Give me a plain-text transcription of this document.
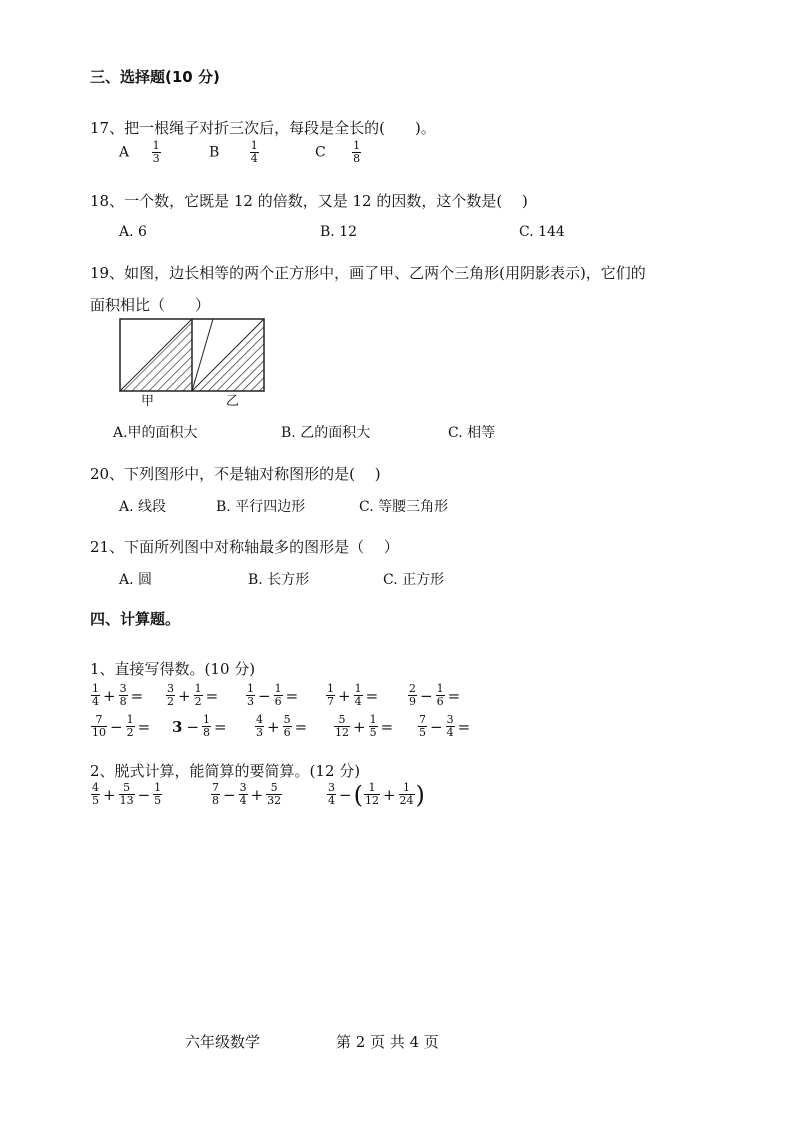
三、选择题(10 分)
17、把一根绳子对折三次后，每段是全长的(　　)。
A $\frac{1}{3}$	B	$\frac{1}{4}$	C $\frac{1}{8}$
18、一个数，它既是 12 的倍数，又是 12 的因数，这个数是(　 )
A. 6	B. 12	C. 144
19、如图，边长相等的两个正方形中，画了甲、乙两个三角形(用阴影表示)，它们的
面积相比（　　）
甲	乙
A.甲的面积大	B. 乙的面积大	C. 相等
20、下列图形中，不是轴对称图形的是(　 )
A. 线段	B. 平行四边形	C. 等腰三角形
21、下面所列图中对称轴最多的图形是（　 ）
A. 圆	B. 长方形	C. 正方形
四、计算题。
1、直接写得数。(10 分)
$\frac{1}{4} + \frac{3}{8} = \frac{3}{2} + \frac{1}{2}$ =	$\frac{1}{3} - \frac{1}{6}$ =	$\frac{1}{7} + \frac{1}{4}$ =	$\frac{2}{9} - \frac{1}{6}$ =
$\frac{7}{10} - \frac{1}{2} = 3 - \frac{1}{8}$ =	$\frac{4}{3} + \frac{5}{6} = \frac{5}{12} + \frac{1}{5} = \frac{7}{5} - \frac{3}{4}$ =
2、脱式计算，能简算的要简算。(12 分)
$\frac{4}{5} + \frac{5}{13} - \frac{1}{5}$	$\frac{7}{8} - \frac{3}{4} + \frac{5}{32}$	$\frac{3}{4}$ − ( $\frac{1}{12} + \frac{1}{24}$ )
六年级数学	第 2 页 共 4 页
